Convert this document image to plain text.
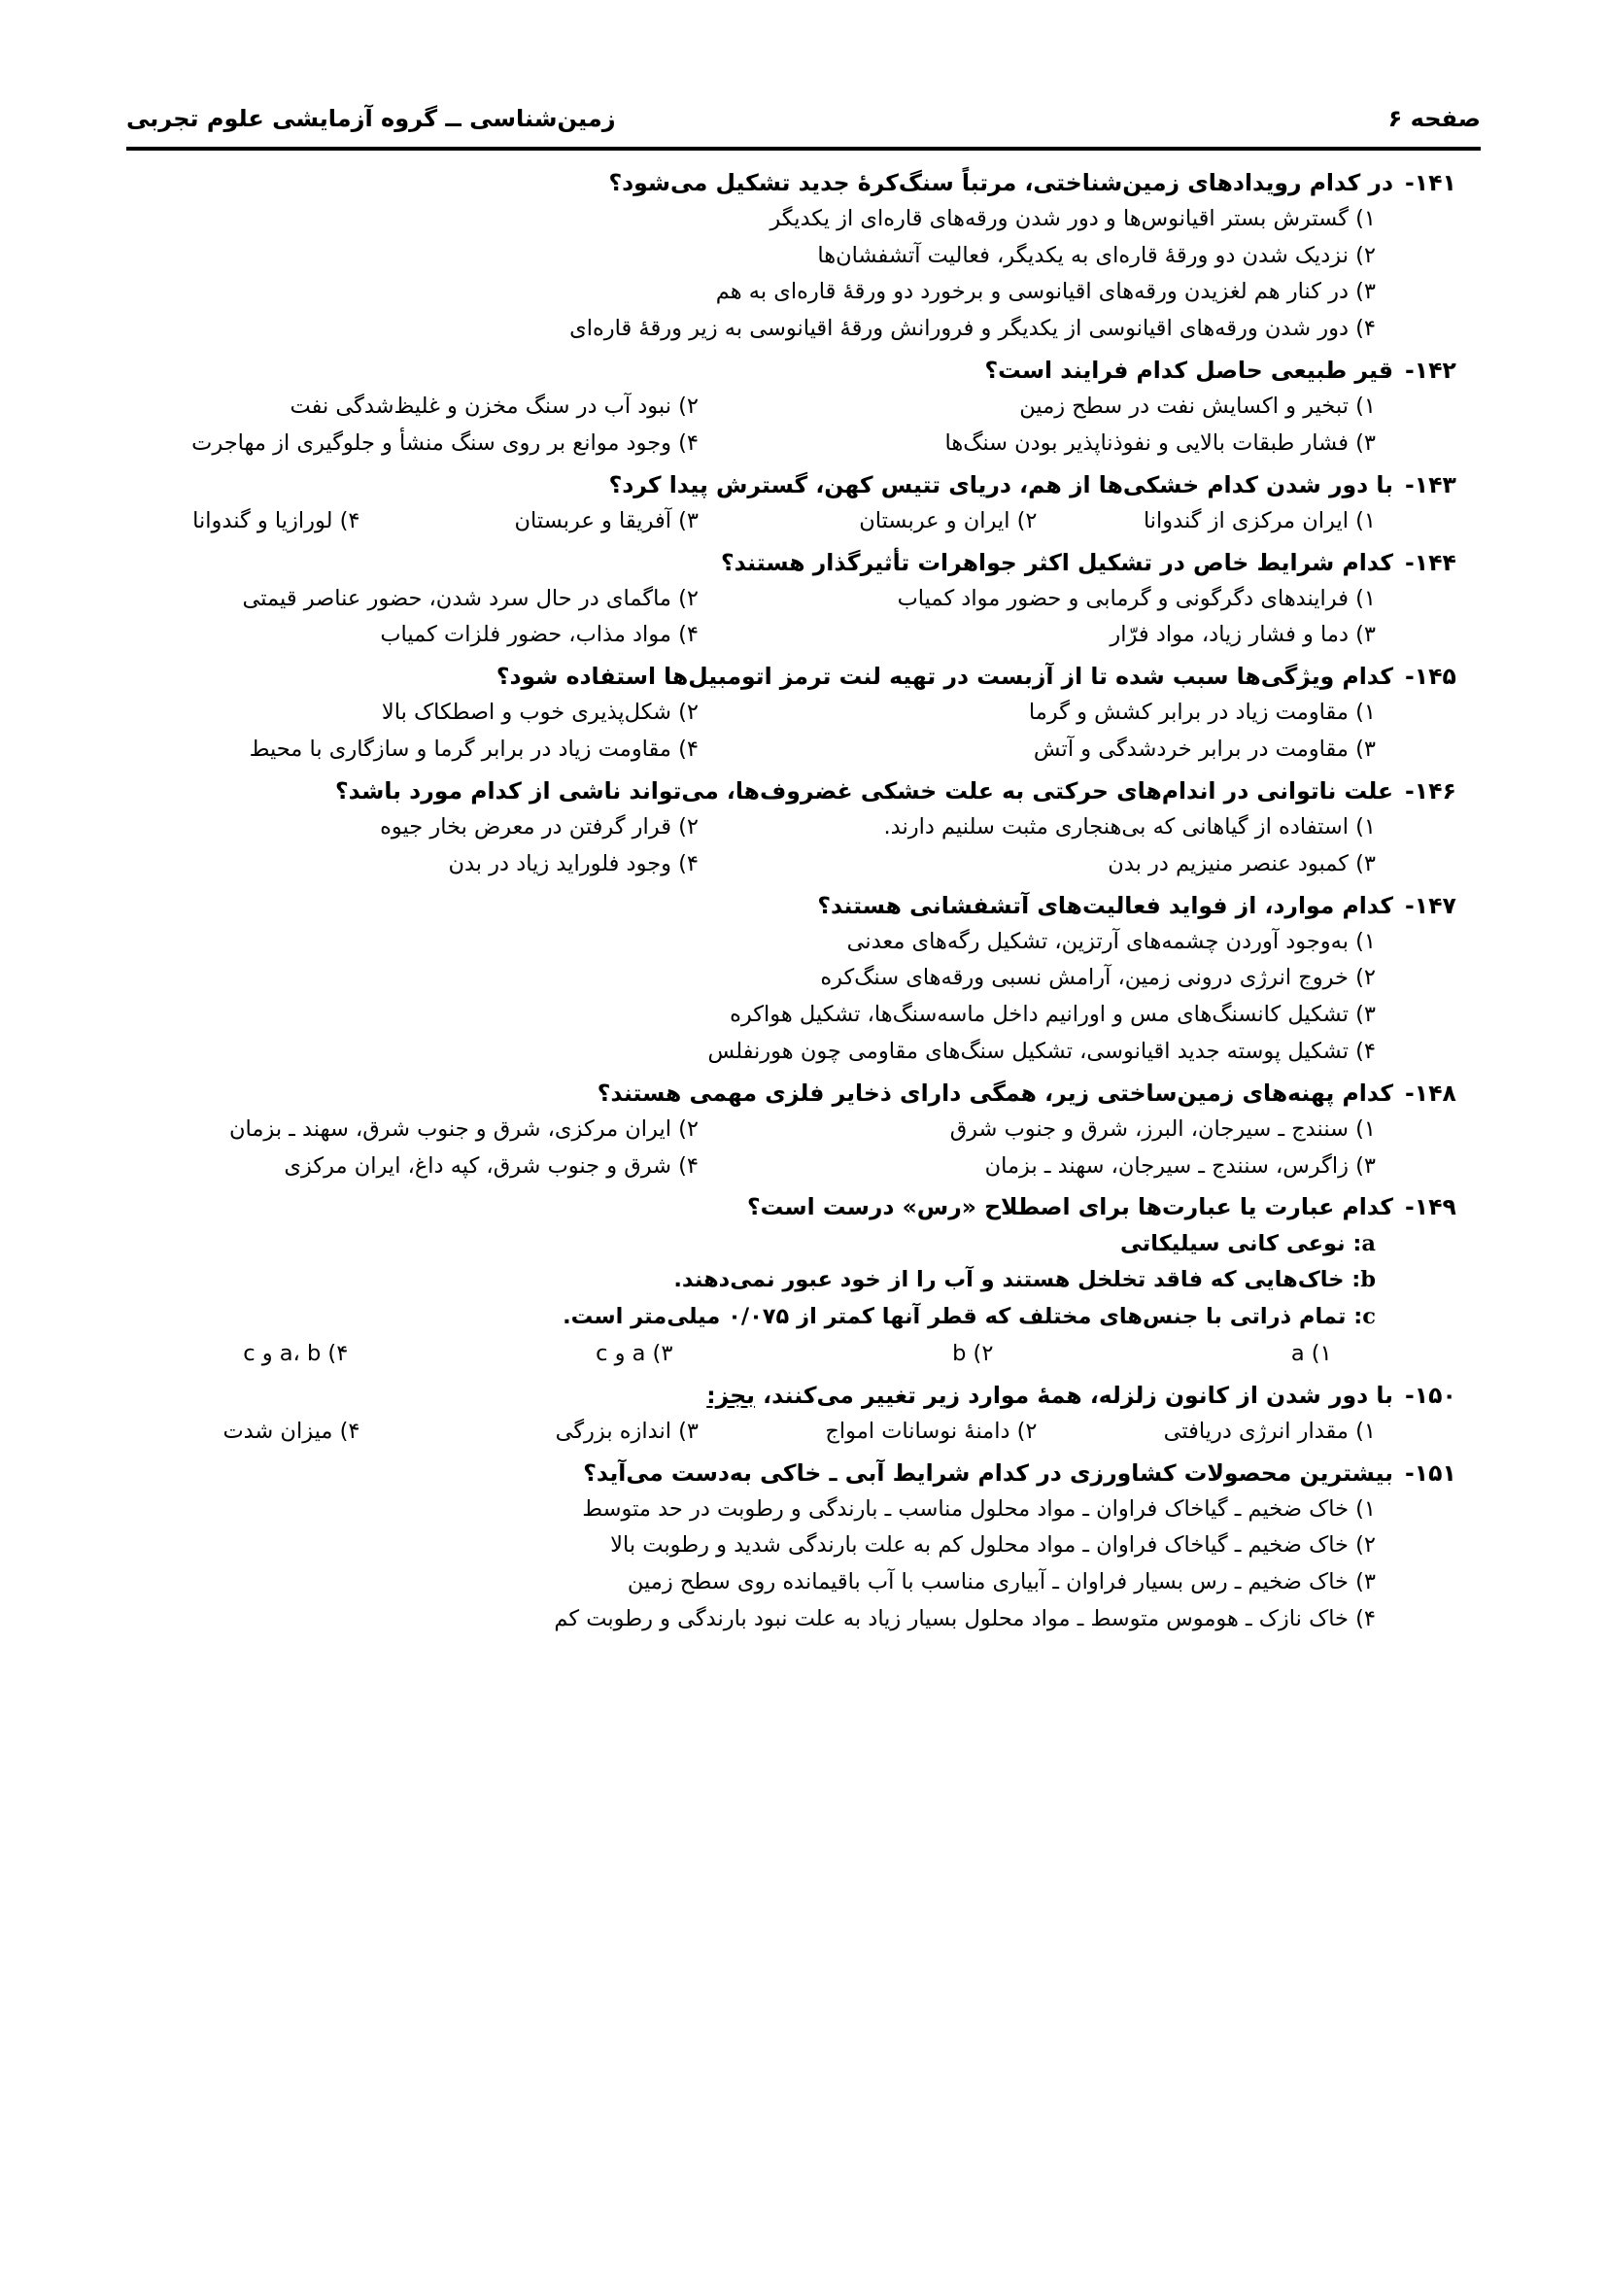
صفحه ۶
زمین‌شناسی ــ گروه آزمایشی علوم تجربی
۱۴۱-
در کدام رویدادهای زمین‌شناختی، مرتباً سنگ‌کرهٔ جدید تشکیل می‌شود؟
۱) گسترش بستر اقیانوس‌ها و دور شدن ورقه‌های قاره‌ای از یکدیگر
۲) نزدیک شدن دو ورقهٔ قاره‌ای به یکدیگر، فعالیت آتشفشان‌ها
۳) در کنار هم لغزیدن ورقه‌های اقیانوسی و برخورد دو ورقهٔ قاره‌ای به هم
۴) دور شدن ورقه‌های اقیانوسی از یکدیگر و فرورانش ورقهٔ اقیانوسی به زیر ورقهٔ قاره‌ای
۱۴۲-
قیر طبیعی حاصل کدام فرایند است؟
۱) تبخیر و اکسایش نفت در سطح زمین
۲) نبود آب در سنگ مخزن و غلیظ‌شدگی نفت
۳) فشار طبقات بالایی و نفوذناپذیر بودن سنگ‌ها
۴) وجود موانع بر روی سنگ منشأ و جلوگیری از مهاجرت
۱۴۳-
با دور شدن کدام خشکی‌ها از هم، دریای تتیس کهن، گسترش پیدا کرد؟
۱) ایران مرکزی از گندوانا
۲) ایران و عربستان
۳) آفریقا و عربستان
۴) لورازیا و گندوانا
۱۴۴-
کدام شرایط خاص در تشکیل اکثر جواهرات تأثیرگذار هستند؟
۱) فرایندهای دگرگونی و گرمابی و حضور مواد کمیاب
۲) ماگمای در حال سرد شدن، حضور عناصر قیمتی
۳) دما و فشار زیاد، مواد فرّار
۴) مواد مذاب، حضور فلزات کمیاب
۱۴۵-
کدام ویژگی‌ها سبب شده تا از آزبست در تهیه لنت ترمز اتومبیل‌ها استفاده شود؟
۱) مقاومت زیاد در برابر کشش و گرما
۲) شکل‌پذیری خوب و اصطکاک بالا
۳) مقاومت در برابر خردشدگی و آتش
۴) مقاومت زیاد در برابر گرما و سازگاری با محیط
۱۴۶-
علت ناتوانی در اندام‌های حرکتی به علت خشکی غضروف‌ها، می‌تواند ناشی از کدام مورد باشد؟
۱) استفاده از گیاهانی که بی‌هنجاری مثبت سلنیم دارند.
۲) قرار گرفتن در معرض بخار جیوه
۳) کمبود عنصر منیزیم در بدن
۴) وجود فلوراید زیاد در بدن
۱۴۷-
کدام موارد، از فواید فعالیت‌های آتشفشانی هستند؟
۱) به‌وجود آوردن چشمه‌های آرتزین، تشکیل رگه‌های معدنی
۲) خروج انرژی درونی زمین، آرامش نسبی ورقه‌های سنگ‌کره
۳) تشکیل کانسنگ‌های مس و اورانیم داخل ماسه‌سنگ‌ها، تشکیل هواکره
۴) تشکیل پوسته جدید اقیانوسی، تشکیل سنگ‌های مقاومی چون هورنفلس
۱۴۸-
کدام پهنه‌های زمین‌ساختی زیر، همگی دارای ذخایر فلزی مهمی هستند؟
۱) سنندج ـ سیرجان، البرز، شرق و جنوب شرق
۲) ایران مرکزی، شرق و جنوب شرق، سهند ـ بزمان
۳) زاگرس، سنندج ـ سیرجان، سهند ـ بزمان
۴) شرق و جنوب شرق، کپه داغ، ایران مرکزی
۱۴۹-
کدام عبارت یا عبارت‌ها برای اصطلاح «رس» درست است؟
a: نوعی کانی سیلیکاتی
b: خاک‌هایی که فاقد تخلخل هستند و آب را از خود عبور نمی‌دهند.
c: تمام ذراتی با جنس‌های مختلف که قطر آنها کمتر از ۰/۰۷۵ میلی‌متر است.
۱) a
۲) b
۳) a و c
۴) a، b و c
۱۵۰-
با دور شدن از کانون زلزله، همهٔ موارد زیر تغییر می‌کنند، بجز:
۱) مقدار انرژی دریافتی
۲) دامنهٔ نوسانات امواج
۳) اندازه بزرگی
۴) میزان شدت
۱۵۱-
بیشترین محصولات کشاورزی در کدام شرایط آبی ـ خاکی به‌دست می‌آید؟
۱) خاک ضخیم ـ گیاخاک فراوان ـ مواد محلول مناسب ـ بارندگی و رطوبت در حد متوسط
۲) خاک ضخیم ـ گیاخاک فراوان ـ مواد محلول کم به علت بارندگی شدید و رطوبت بالا
۳) خاک ضخیم ـ رس بسیار فراوان ـ آبیاری مناسب با آب باقیمانده روی سطح زمین
۴) خاک نازک ـ هوموس متوسط ـ مواد محلول بسیار زیاد به علت نبود بارندگی و رطوبت کم
